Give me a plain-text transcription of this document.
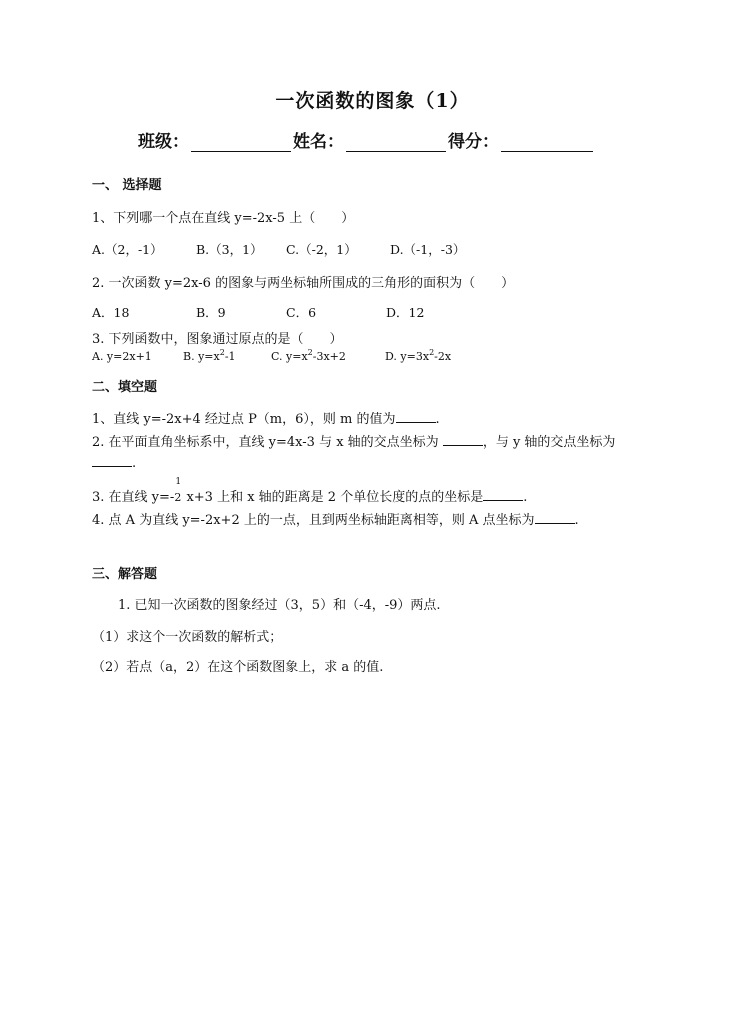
一次函数的图象（1）
班级：	姓名：	得分：
一、 选择题
1、下列哪一个点在直线 y=-2x-5 上（　　）
A.（2，-1）	B.（3，1） C.（-2，1）	D.（-1，-3）
2. 一次函数 y=2x-6 的图象与两坐标轴所围成的三角形的面积为（　　）
A．18	B．9	C．6	D．12
3. 下列函数中，图象通过原点的是（　　）
A. y=2x+1	B. $y=x^2-1$	C. $y=x^2-3x+2$	D. $y=3x^2-2x$
二、填空题
1、直线 y=-2x+4 经过点 P（m，6），则 m 的值为	.
2. 在平面直角坐标系中，直线 y=4x-3 与 x 轴的交点坐标为	，与 y 轴的交点坐标为
.
3. 在直线 y=-
1
2 x+3 上和 x 轴的距离是 2 个单位长度的点的坐标是	.
4. 点 A 为直线 y=-2x+2 上的一点，且到两坐标轴距离相等，则 A 点坐标为	.
三、解答题
1. 已知一次函数的图象经过（3，5）和（-4，-9）两点.
（1）求这个一次函数的解析式；
（2）若点（a，2）在这个函数图象上，求 a 的值.
